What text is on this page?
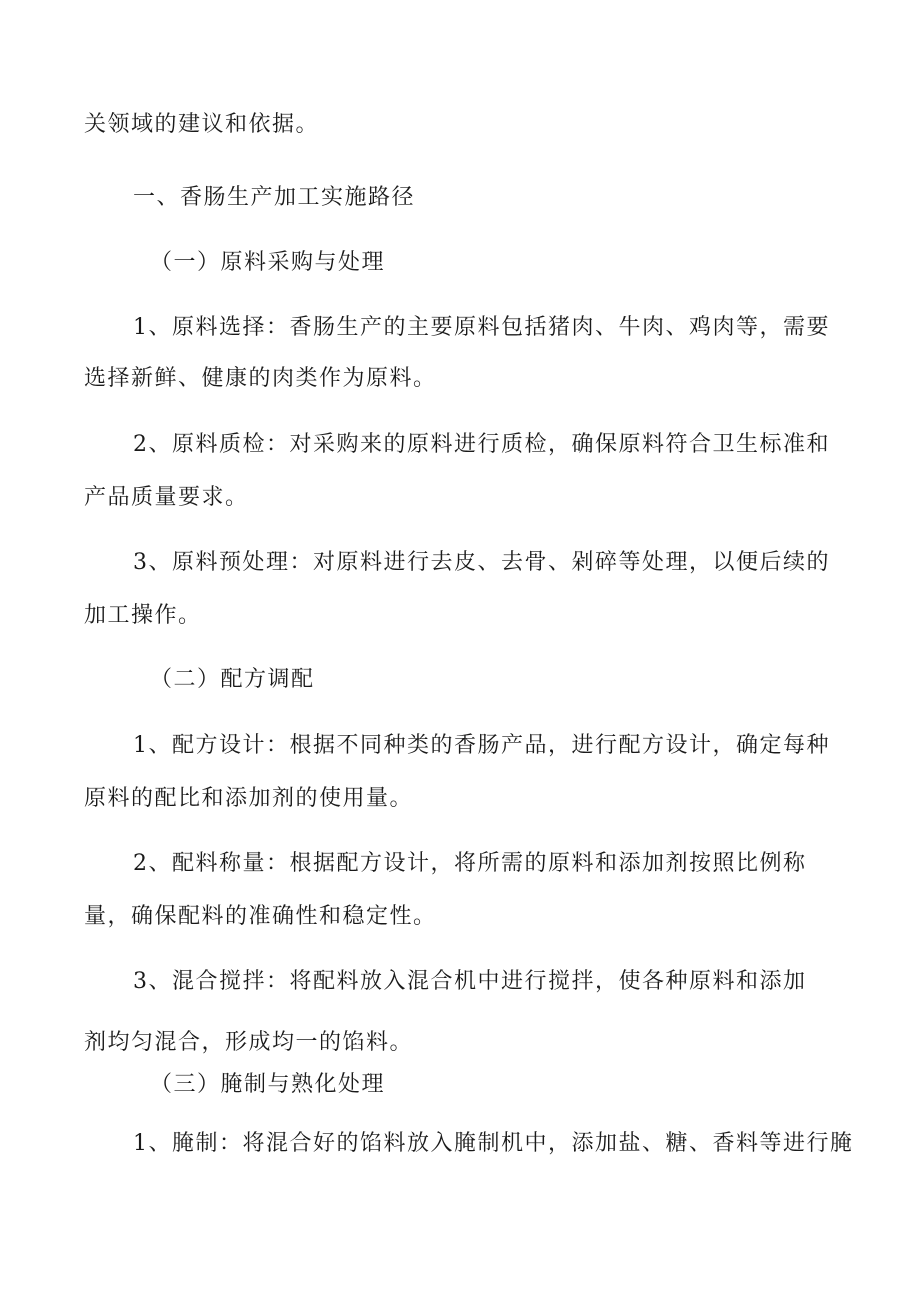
关领域的建议和依据。
一、香肠生产加工实施路径
（一）原料采购与处理
1、原料选择：香肠生产的主要原料包括猪肉、牛肉、鸡肉等，需要
选择新鲜、健康的肉类作为原料。
2、原料质检：对采购来的原料进行质检，确保原料符合卫生标准和
产品质量要求。
3、原料预处理：对原料进行去皮、去骨、剁碎等处理，以便后续的
加工操作。
（二）配方调配
1、配方设计：根据不同种类的香肠产品，进行配方设计，确定每种
原料的配比和添加剂的使用量。
2、配料称量：根据配方设计，将所需的原料和添加剂按照比例称
量，确保配料的准确性和稳定性。
3、混合搅拌：将配料放入混合机中进行搅拌，使各种原料和添加
剂均匀混合，形成均一的馅料。
（三）腌制与熟化处理
1、腌制：将混合好的馅料放入腌制机中，添加盐、糖、香料等进行腌
